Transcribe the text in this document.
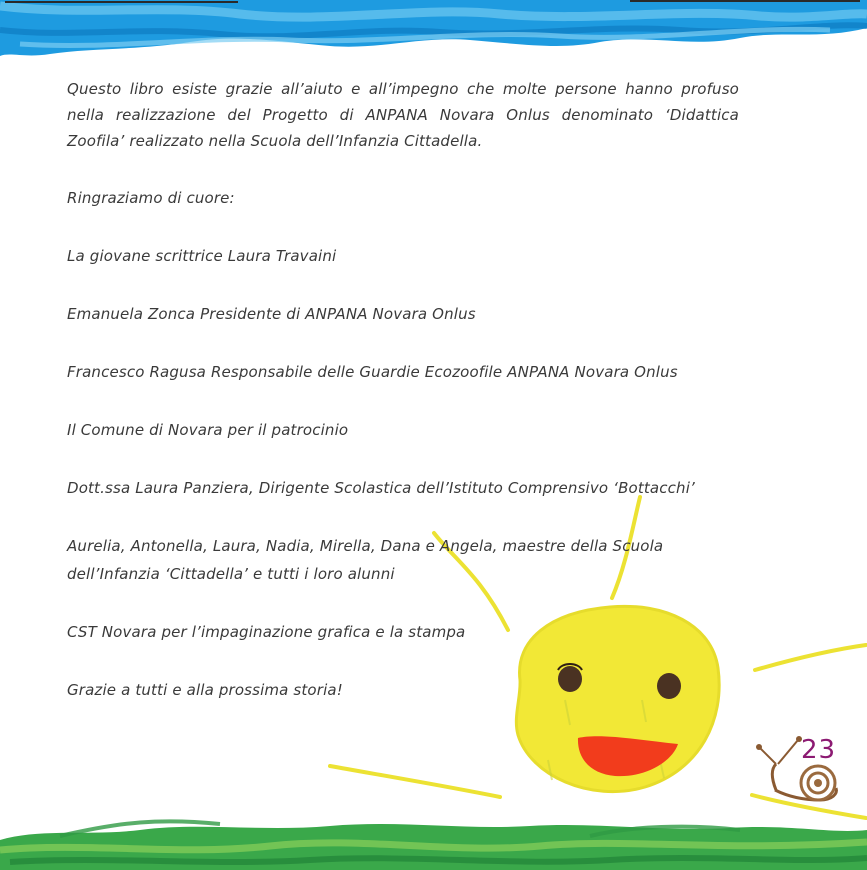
Questo libro esiste grazie all’aiuto e all’impegno che molte persone hanno profuso nella realizzazione del Progetto di ANPANA Novara Onlus denominato ‘Didattica Zoofila’ realizzato nella Scuola dell’Infanzia Cittadella.

Ringraziamo di cuore:

La giovane scrittrice Laura Travaini

Emanuela Zonca Presidente di ANPANA Novara Onlus

Francesco Ragusa Responsabile delle Guardie Ecozoofile ANPANA Novara Onlus

Il Comune di Novara per il patrocinio

Dott.ssa Laura Panziera, Dirigente Scolastica dell’Istituto Comprensivo ‘Bottacchi’

Aurelia, Antonella, Laura, Nadia, Mirella, Dana e Angela, maestre della Scuola dell’Infanzia ‘Cittadella’ e tutti i loro alunni

CST Novara per l’impaginazione grafica e la stampa

Grazie a tutti e alla prossima storia!

23
